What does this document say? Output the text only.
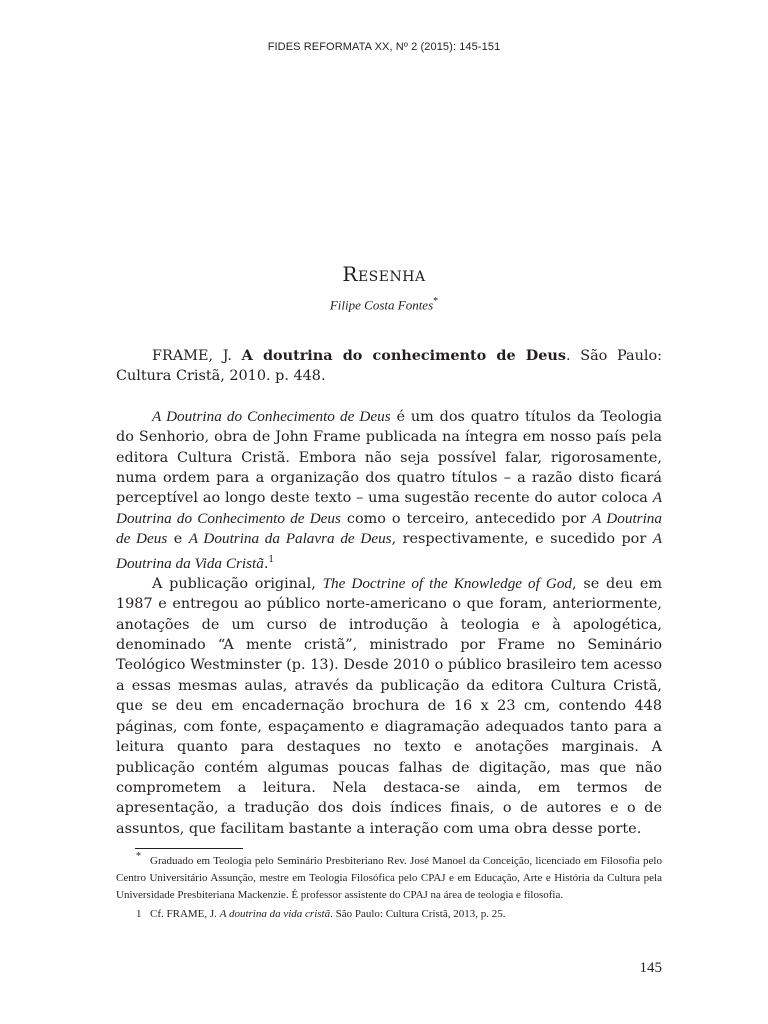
FIDES REFORMATA XX, Nº 2 (2015): 145-151
Resenha
Filipe Costa Fontes*

FRAME, J. A doutrina do conhecimento de Deus. São Paulo: Cultura Cristã, 2010. p. 448.

A Doutrina do Conhecimento de Deus é um dos quatro títulos da Teologia do Senhorio, obra de John Frame publicada na íntegra em nosso país pela editora Cultura Cristã. Embora não seja possível falar, rigorosamente, numa ordem para a organização dos quatro títulos – a razão disto ficará perceptível ao longo deste texto – uma sugestão recente do autor coloca A Doutrina do Conhecimento de Deus como o terceiro, antecedido por A Doutrina de Deus e A Doutrina da Palavra de Deus, respectivamente, e sucedido por A Doutrina da Vida Cristã.$^1$

A publicação original, The Doctrine of the Knowledge of God, se deu em 1987 e entregou ao público norte-americano o que foram, anteriormente, anotações de um curso de introdução à teologia e à apologética, denominado “A mente cristã”, ministrado por Frame no Seminário Teológico Westminster (p. 13). Desde 2010 o público brasileiro tem acesso a essas mesmas aulas, através da publicação da editora Cultura Cristã, que se deu em encadernação brochura de 16 x 23 cm, contendo 448 páginas, com fonte, espaçamento e diagramação adequados tanto para a leitura quanto para destaques no texto e anotações marginais. A publicação contém algumas poucas falhas de digitação, mas que não comprometem a leitura. Nela destaca-se ainda, em termos de apresentação, a tradução dos dois índices finais, o de autores e o de assuntos, que facilitam bastante a interação com uma obra desse porte.

* Graduado em Teologia pelo Seminário Presbiteriano Rev. José Manoel da Conceição, licenciado em Filosofia pelo Centro Universitário Assunção, mestre em Teologia Filosófica pelo CPAJ e em Educação, Arte e História da Cultura pela Universidade Presbiteriana Mackenzie. É professor assistente do CPAJ na área de teologia e filosofia.

1 Cf. FRAME, J. A doutrina da vida cristã. São Paulo: Cultura Cristã, 2013, p. 25.

145
